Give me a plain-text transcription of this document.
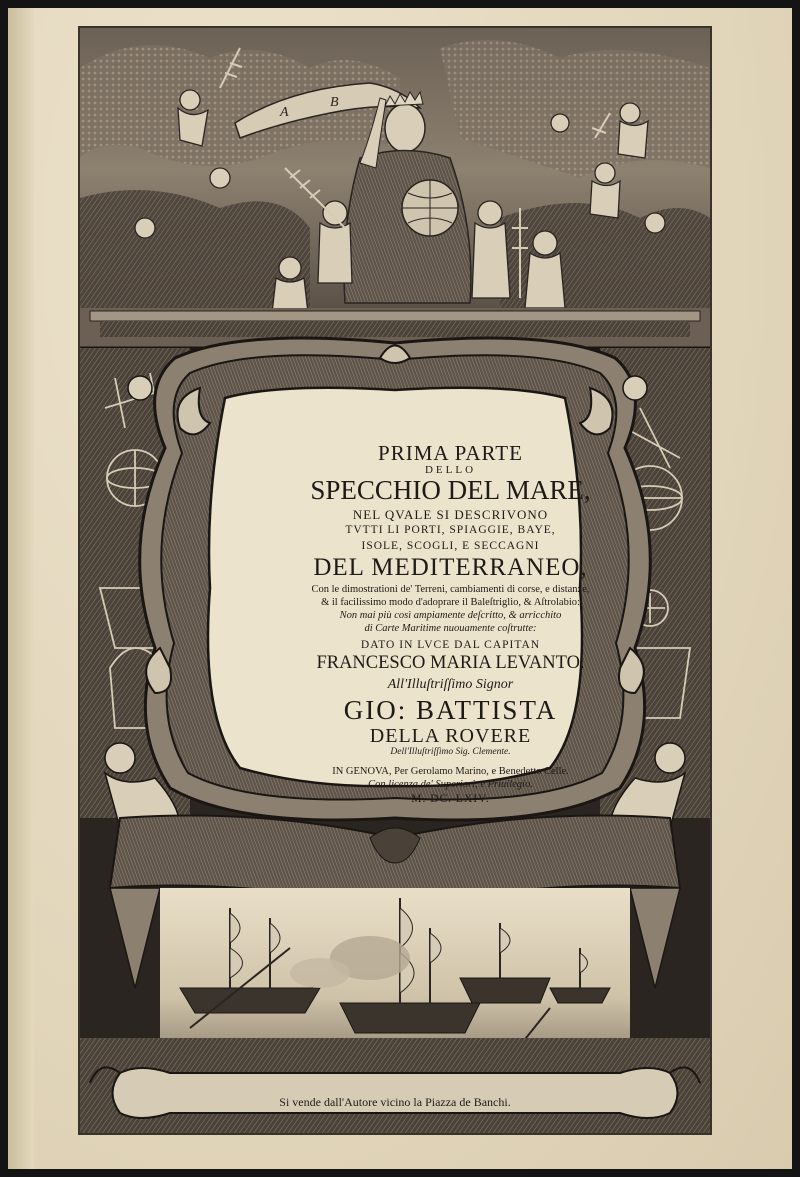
A
B
PRIMA PARTE
DELLO
SPECCHIO DEL MARE,
NEL QVALE SI DESCRIVONO
TVTTI LI PORTI, SPIAGGIE, BAYE,
ISOLE, SCOGLI, E SECCAGNI
DEL MEDITERRANEO,
Con le dimostrationi de' Terreni, cambiamenti di corse, e distanze,
& il facilissimo modo d'adoprare il Baleſtriglio, & Aſtrolabio:
Non mai più così ampiamente deſcritto, & arricchito
di Carte Maritime nuouamente coſtrutte:
DATO IN LVCE DAL CAPITAN
FRANCESCO MARIA LEVANTO.
All'Illuſtriſſimo Signor
GIO: BATTISTA
DELLA ROVERE
Dell'Illuſtriſſimo Sig. Clemente.
IN GENOVA, Per Gerolamo Marino, e Benedetto Celle.
Con licenza de' Superiori, e Priuilegio.
M. DC. LXIV.
Si vende dall'Autore vicino la Piazza de Banchi.
